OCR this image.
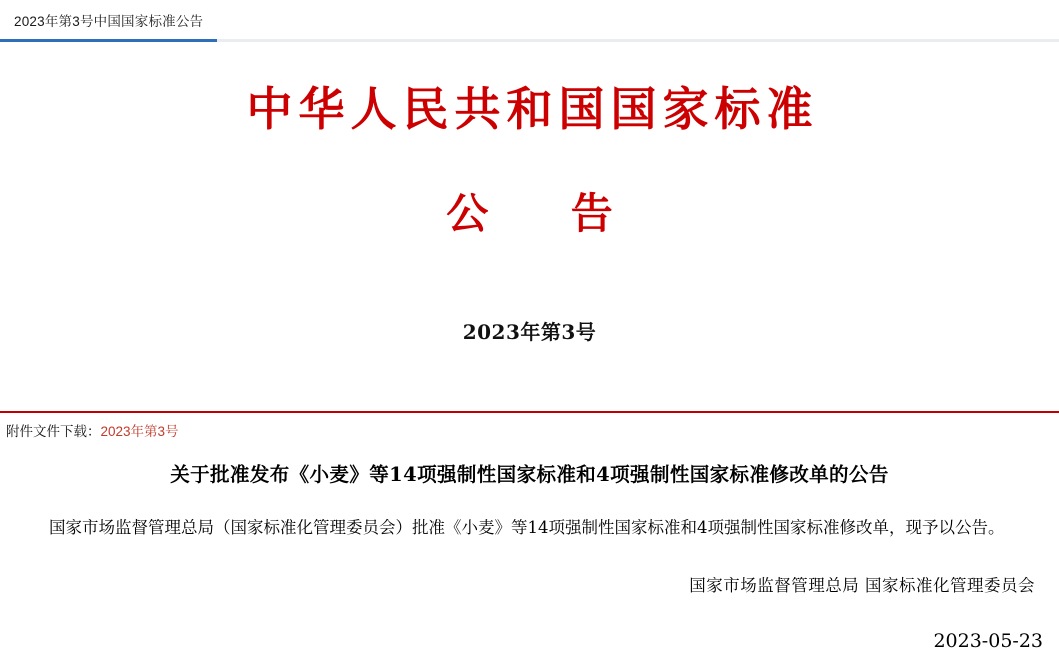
2023年第3号中国国家标准公告
中华人民共和国国家标准
公 告
2023年第3号
附件文件下载：2023年第3号
关于批准发布《小麦》等14项强制性国家标准和4项强制性国家标准修改单的公告
国家市场监督管理总局（国家标准化管理委员会）批准《小麦》等14项强制性国家标准和4项强制性国家标准修改单，现予以公告。
国家市场监督管理总局 国家标准化管理委员会
2023-05-23
